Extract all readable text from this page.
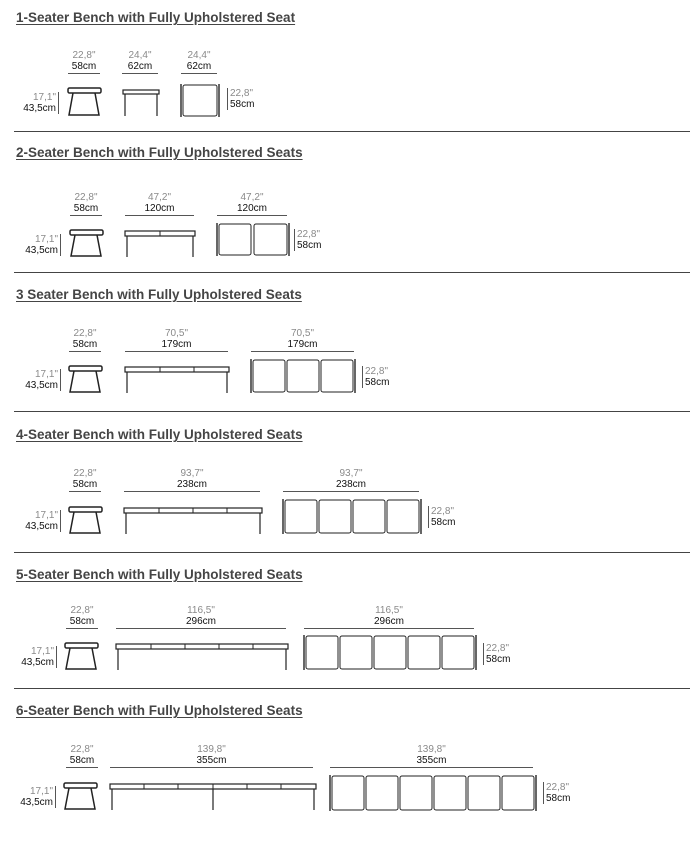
1-Seater Bench with Fully Upholstered Seat
22,8"
58cm
24,4"
62cm
24,4"
62cm
17,1"
43,5cm
22,8"
58cm
2-Seater Bench with Fully Upholstered Seats
22,8"
58cm
47,2"
120cm
47,2"
120cm
17,1"
43,5cm
22,8"
58cm
3 Seater Bench with Fully Upholstered Seats
22,8"
58cm
70,5"
179cm
70,5"
179cm
17,1"
43,5cm
22,8"
58cm
4-Seater Bench with Fully Upholstered Seats
22,8"
58cm
93,7"
238cm
93,7"
238cm
17,1"
43,5cm
22,8"
58cm
5-Seater Bench with Fully Upholstered Seats
22,8"
58cm
116,5"
296cm
116,5"
296cm
17,1"
43,5cm
22,8"
58cm
6-Seater Bench with Fully Upholstered Seats
22,8"
58cm
139,8"
355cm
139,8"
355cm
17,1"
43,5cm
22,8"
58cm
